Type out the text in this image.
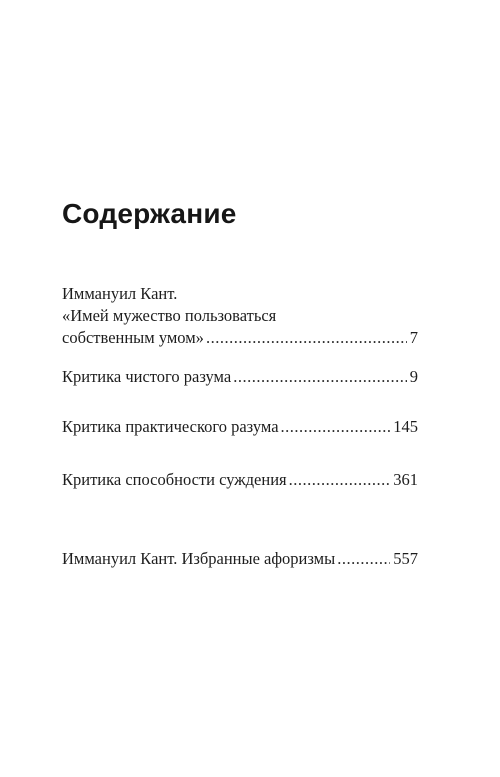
Содержание
Иммануил Кант.
«Имей мужество пользоваться
собственным умом» .....	7
Критика чистого разума .....	9
Критика практического разума .....	145
Критика способности суждения .....	361
Иммануил Кант. Избранные афоризмы .....	557
